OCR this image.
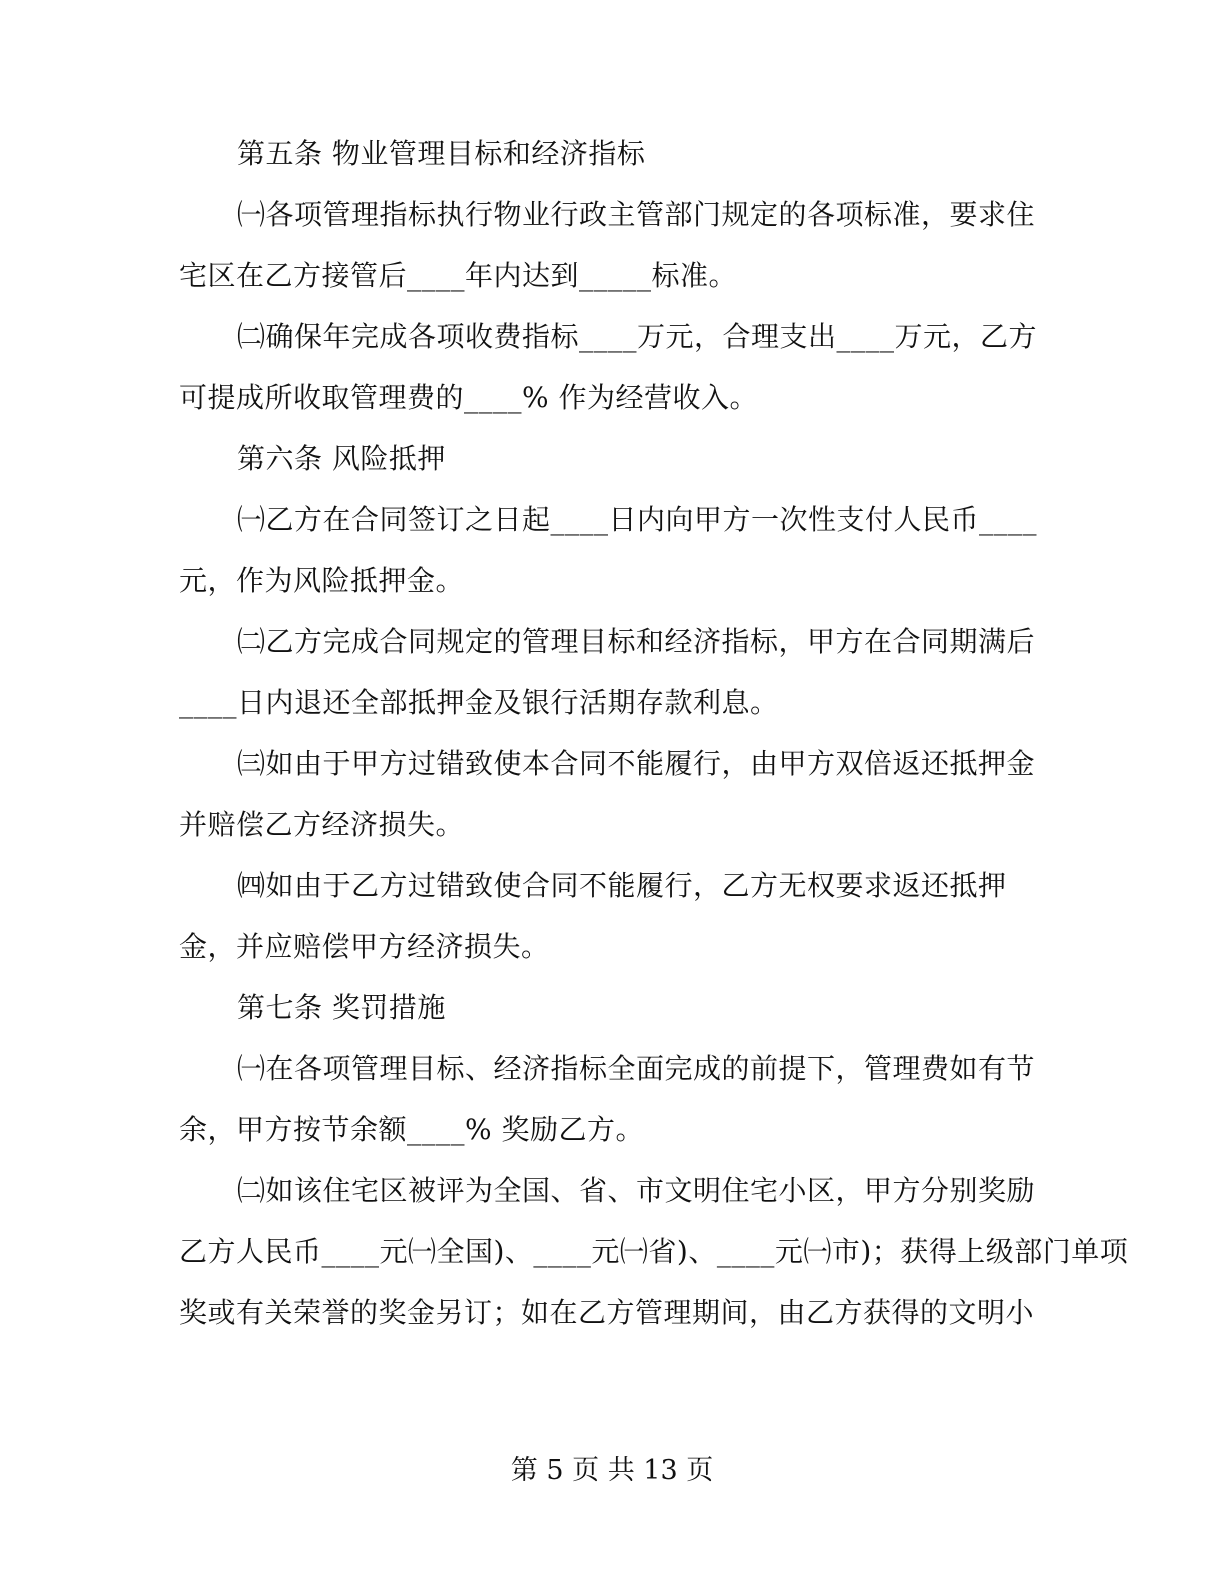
第五条 物业管理目标和经济指标
㈠各项管理指标执行物业行政主管部门规定的各项标准，要求住
宅区在乙方接管后____年内达到_____标准。
㈡确保年完成各项收费指标____万元，合理支出____万元，乙方
可提成所收取管理费的____% 作为经营收入。
第六条 风险抵押
㈠乙方在合同签订之日起____日内向甲方一次性支付人民币____
元，作为风险抵押金。
㈡乙方完成合同规定的管理目标和经济指标，甲方在合同期满后
____日内退还全部抵押金及银行活期存款利息。
㈢如由于甲方过错致使本合同不能履行，由甲方双倍返还抵押金
并赔偿乙方经济损失。
㈣如由于乙方过错致使合同不能履行，乙方无权要求返还抵押
金，并应赔偿甲方经济损失。
第七条 奖罚措施
㈠在各项管理目标、经济指标全面完成的前提下，管理费如有节
余，甲方按节余额____% 奖励乙方。
㈡如该住宅区被评为全国、省、市文明住宅小区，甲方分别奖励
乙方人民币____元㈠全国)、____元㈠省)、____元㈠市)；获得上级部门单项
奖或有关荣誉的奖金另订；如在乙方管理期间，由乙方获得的文明小
第 5 页 共 13 页
